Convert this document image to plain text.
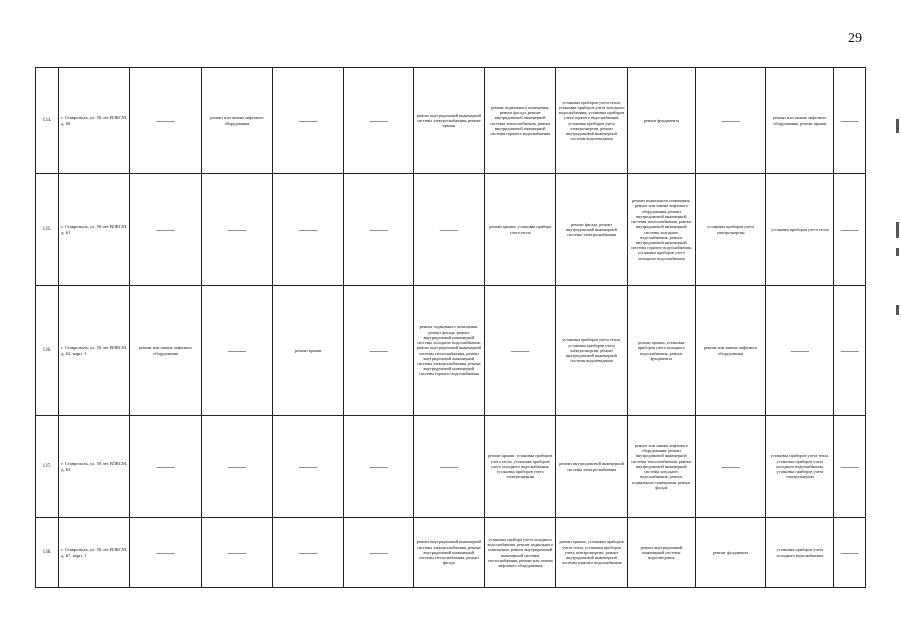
29
134.	г. Ставрополь, ул. 50 лет ВЛКСМ, д. 60	——	ремонт или замена лифтового оборудования	——	——	ремонт внутридомовой инженерной системы электроснабжения, ремонт крыши	ремонт подвального помещения, ремонт фасада, ремонт внутридомовой инженерной системы теплоснабжения, ремонт внутридомовой инженерной системы горячего водоснабжения	установка приборов учета тепла, установка приборов учета холодного водоснабжения, установка приборов учета горячего водоснабжения, установка приборов учета электроэнергии, ремонт внутридомовой инженерной системы водоотведения	ремонт фундамента	——	ремонт или замена лифтового оборудования, ремонт крыши	——
135.	г. Ставрополь, ул. 50 лет ВЛКСМ, д. 61	——	——	——	——	——	ремонт крыши, установка прибора учета тепла	ремонт фасада, ремонт внутридомовой инженерной системы электроснабжения	ремонт подвального помещения, ремонт или замена лифтового оборудования, ремонт внутридомовой инженерной системы теплоснабжения, ремонт внутридомовой инженерной системы холодного водоснабжения, ремонт внутридомовой инженерной системы горячего водоснабжения, установка приборов учета холодного водоснабжения	установка приборов учета электроэнергии	установка приборов учета тепла	——
136.	г. Ставрополь, ул. 50 лет ВЛКСМ, д. 62, корп. 1	ремонт или замена лифтового оборудования	——	ремонт крыши	——	ремонт подвального помещения, ремонт фасада, ремонт внутридомовой инженерной системы холодного водоснабжения, ремонт внутридомовой инженерной системы теплоснабжения, ремонт внутридомовой инженерной системы электроснабжения, ремонт внутридомовой инженерной системы горячего водоснабжения	——	установка приборов учета тепла, установка приборов учета электроэнергии, ремонт внутридомовой инженерной системы водоотведения	ремонт крыши, установка приборов учета холодного водоснабжения, ремонт фундамента	ремонт или замена лифтового оборудования	——	——
137.	г. Ставрополь, ул. 50 лет ВЛКСМ, д. 63	——	——	——	——	——	ремонт крыши, установка приборов учета тепла, установка приборов учета холодного водоснабжения, установка приборов учета электроэнергии	ремонт внутридомовой инженерной системы электроснабжения	ремонт или замена лифтового оборудования, ремонт внутридомовой инженерной системы теплоснабжения, ремонт внутридомовой инженерной системы холодного водоснабжения, ремонт подвального помещения, ремонт фасада	——	установка приборов учета тепла, установка приборов учета холодного водоснабжения, установка приборов учета электроэнергии	——
138.	г. Ставрополь, ул. 50 лет ВЛКСМ, д. 67, корп. 1	——	——	——	——	ремонт внутридомовой инженерной системы электроснабжения, ремонт внутридомовой инженерной системы теплоснабжения, ремонт фасада	установка прибора учета холодного водоснабжения, ремонт подвального помещения, ремонт внутридомовой инженерной системы теплоснабжения, ремонт или замена лифтового оборудования	ремонт крыши, установка приборов учета тепла, установка приборов учета электроэнергии, ремонт внутридомовой инженерной системы горячего водоснабжения	ремонт внутридомовой инженерной системы водоотведения	ремонт фундамента	установка приборов учета холодного водоснабжения	——
